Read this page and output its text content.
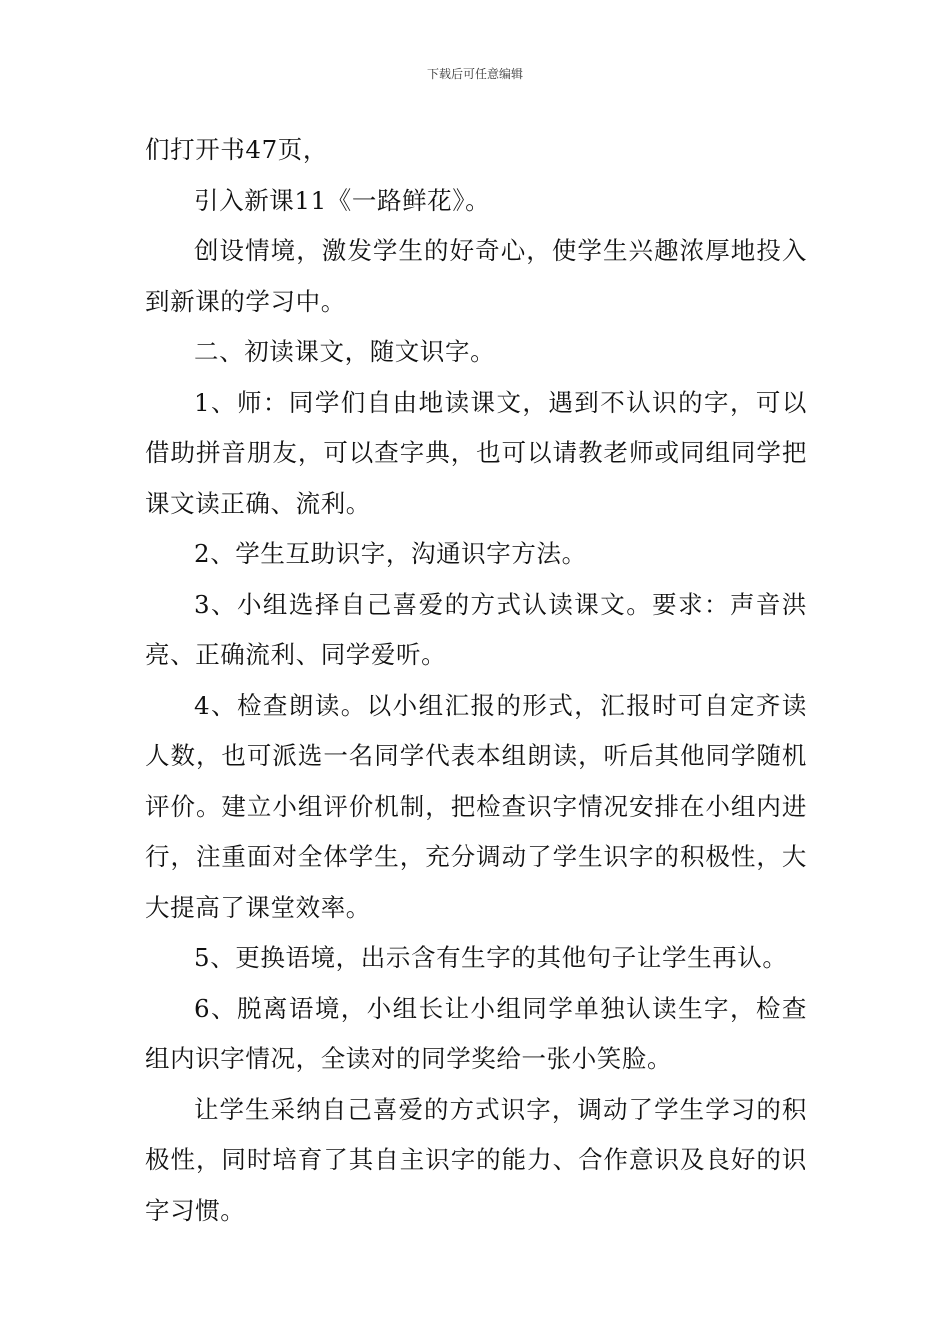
下载后可任意编辑

们打开书47页，

引入新课11《一路鲜花》。

创设情境，激发学生的好奇心，使学生兴趣浓厚地投入到新课的学习中。

二、初读课文，随文识字。

1、师：同学们自由地读课文，遇到不认识的字，可以借助拼音朋友，可以查字典，也可以请教老师或同组同学把课文读正确、流利。

2、学生互助识字，沟通识字方法。

3、小组选择自己喜爱的方式认读课文。要求：声音洪亮、正确流利、同学爱听。

4、检查朗读。以小组汇报的形式，汇报时可自定齐读人数，也可派选一名同学代表本组朗读，听后其他同学随机评价。建立小组评价机制，把检查识字情况安排在小组内进行，注重面对全体学生，充分调动了学生识字的积极性，大大提高了课堂效率。

5、更换语境，出示含有生字的其他句子让学生再认。

6、脱离语境，小组长让小组同学单独认读生字，检查组内识字情况，全读对的同学奖给一张小笑脸。

让学生采纳自己喜爱的方式识字，调动了学生学习的积极性，同时培育了其自主识字的能力、合作意识及良好的识字习惯。
